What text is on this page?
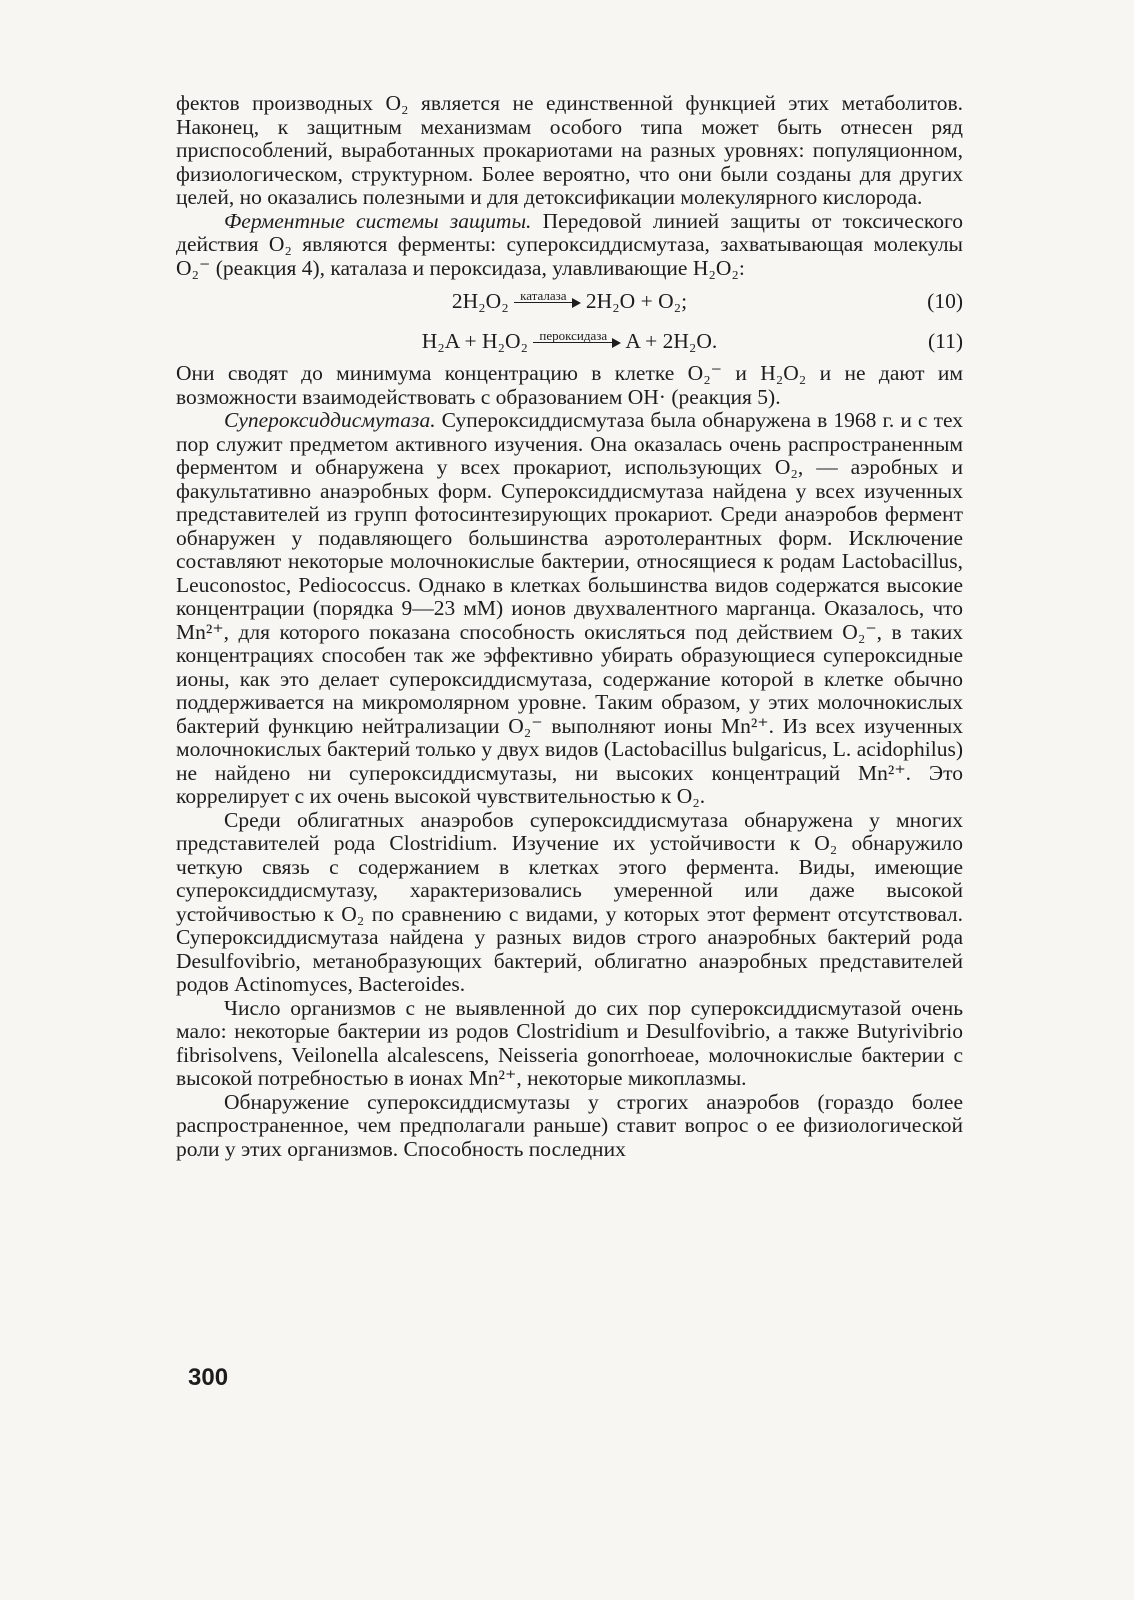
фектов производных O₂ является не единственной функцией этих метаболитов. Наконец, к защитным механизмам особого типа может быть отнесен ряд приспособлений, выработанных прокариотами на разных уровнях: популяционном, физиологическом, структурном. Более вероятно, что они были созданы для других целей, но оказались полезными и для детоксификации молекулярного кислорода.

Ферментные системы защиты. Передовой линией защиты от токсического действия O₂ являются ферменты: супероксиддисмутаза, захватывающая молекулы O₂⁻ (реакция 4), каталаза и пероксидаза, улавливающие H₂O₂:

2H₂O₂ каталаза 2H₂O + O₂;	(10)
H₂A + H₂O₂ пероксидаза A + 2H₂O.	(11)

Они сводят до минимума концентрацию в клетке O₂⁻ и H₂O₂ и не дают им возможности взаимодействовать с образованием OH· (реакция 5).

Супероксиддисмутаза. Супероксиддисмутаза была обнаружена в 1968 г. и с тех пор служит предметом активного изучения. Она оказалась очень распространенным ферментом и обнаружена у всех прокариот, использующих O₂, — аэробных и факультативно анаэробных форм. Супероксиддисмутаза найдена у всех изученных представителей из групп фотосинтезирующих прокариот. Среди анаэробов фермент обнаружен у подавляющего большинства аэротолерантных форм. Исключение составляют некоторые молочнокислые бактерии, относящиеся к родам Lactobacillus, Leuconostoc, Pediococcus. Однако в клетках большинства видов содержатся высокие концентрации (порядка 9—23 мМ) ионов двухвалентного марганца. Оказалось, что Mn²⁺, для которого показана способность окисляться под действием O₂⁻, в таких концентрациях способен так же эффективно убирать образующиеся супероксидные ионы, как это делает супероксиддисмутаза, содержание которой в клетке обычно поддерживается на микромолярном уровне. Таким образом, у этих молочнокислых бактерий функцию нейтрализации O₂⁻ выполняют ионы Mn²⁺. Из всех изученных молочнокислых бактерий только у двух видов (Lactobacillus bulgaricus, L. acidophilus) не найдено ни супероксиддисмутазы, ни высоких концентраций Mn²⁺. Это коррелирует с их очень высокой чувствительностью к O₂.

Среди облигатных анаэробов супероксиддисмутаза обнаружена у многих представителей рода Clostridium. Изучение их устойчивости к O₂ обнаружило четкую связь с содержанием в клетках этого фермента. Виды, имеющие супероксиддисмутазу, характеризовались умеренной или даже высокой устойчивостью к O₂ по сравнению с видами, у которых этот фермент отсутствовал. Супероксиддисмутаза найдена у разных видов строго анаэробных бактерий рода Desulfovibrio, метанобразующих бактерий, облигатно анаэробных представителей родов Actinomyces, Bacteroides.

Число организмов с не выявленной до сих пор супероксиддисмутазой очень мало: некоторые бактерии из родов Clostridium и Desulfovibrio, а также Butyrivibrio fibrisolvens, Veilonella alcalescens, Neisseria gonorrhoeae, молочнокислые бактерии с высокой потребностью в ионах Mn²⁺, некоторые микоплазмы.

Обнаружение супероксиддисмутазы у строгих анаэробов (гораздо более распространенное, чем предполагали раньше) ставит вопрос о ее физиологической роли у этих организмов. Способность последних

300
